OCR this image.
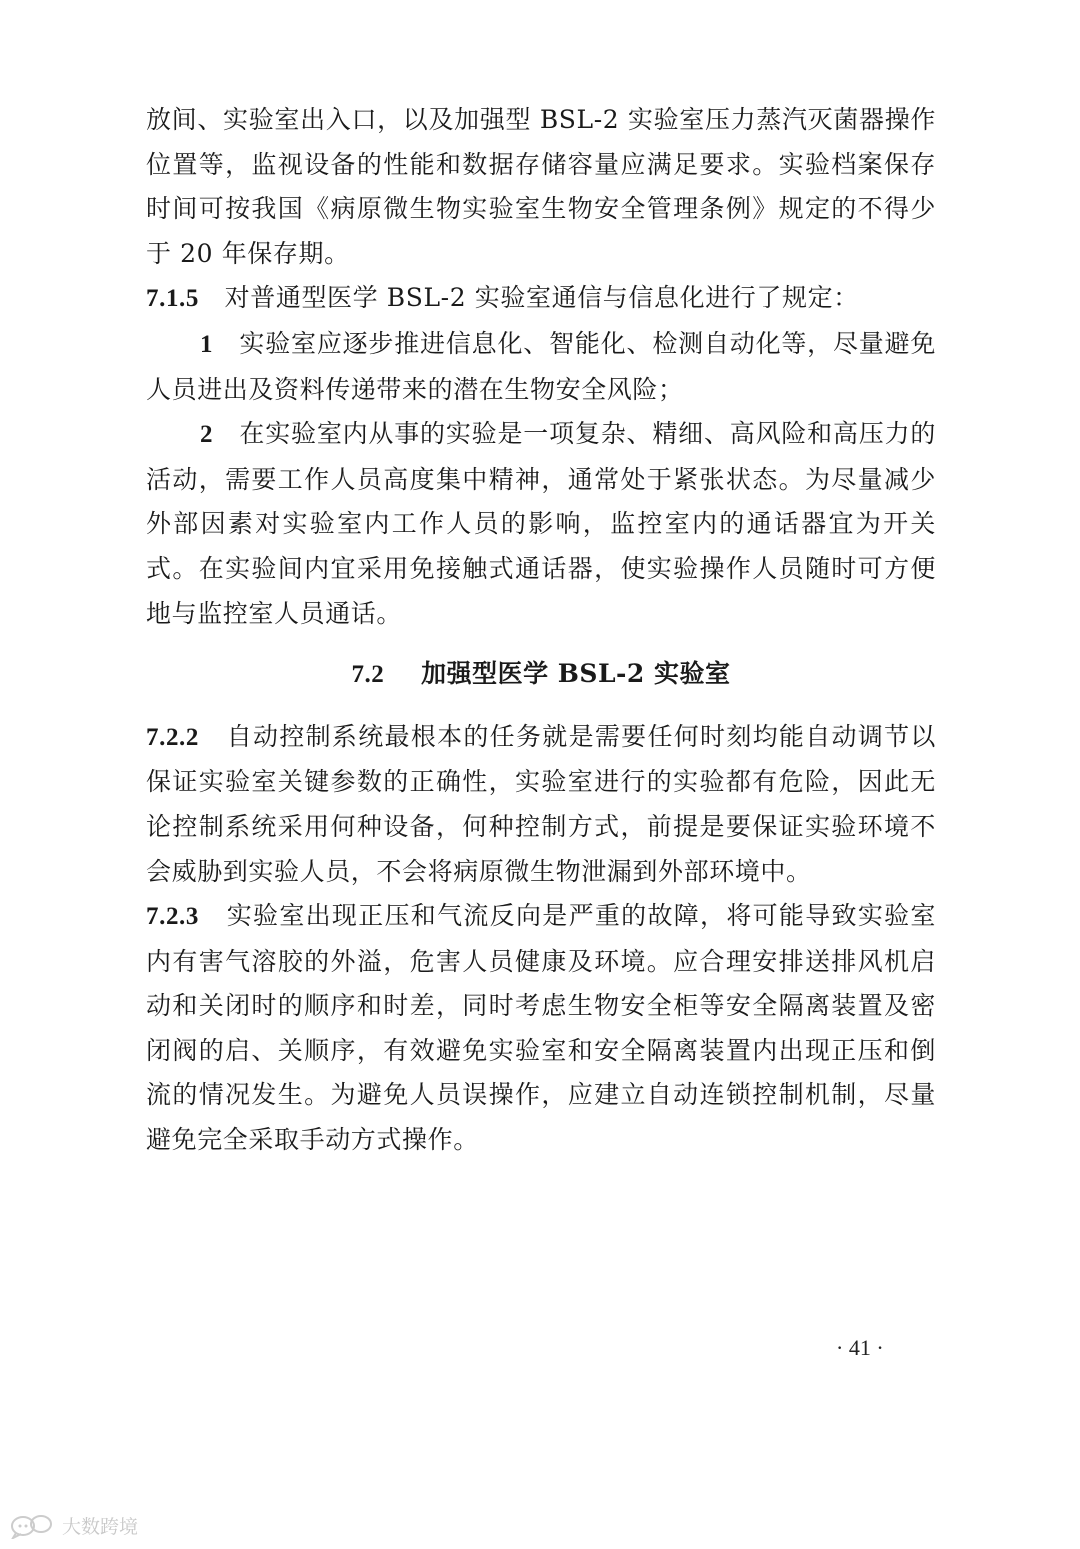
放间、实验室出入口，以及加强型 BSL-2 实验室压力蒸汽灭菌器操作位置等，监视设备的性能和数据存储容量应满足要求。实验档案保存时间可按我国《病原微生物实验室生物安全管理条例》规定的不得少于 20 年保存期。

7.1.5 对普通型医学 BSL-2 实验室通信与信息化进行了规定：

1 实验室应逐步推进信息化、智能化、检测自动化等，尽量避免人员进出及资料传递带来的潜在生物安全风险；

2 在实验室内从事的实验是一项复杂、精细、高风险和高压力的活动，需要工作人员高度集中精神，通常处于紧张状态。为尽量减少外部因素对实验室内工作人员的影响，监控室内的通话器宜为开关式。在实验间内宜采用免接触式通话器，使实验操作人员随时可方便地与监控室人员通话。

7.2 加强型医学 BSL-2 实验室

7.2.2 自动控制系统最根本的任务就是需要任何时刻均能自动调节以保证实验室关键参数的正确性，实验室进行的实验都有危险，因此无论控制系统采用何种设备，何种控制方式，前提是要保证实验环境不会威胁到实验人员，不会将病原微生物泄漏到外部环境中。

7.2.3 实验室出现正压和气流反向是严重的故障，将可能导致实验室内有害气溶胶的外溢，危害人员健康及环境。应合理安排送排风机启动和关闭时的顺序和时差，同时考虑生物安全柜等安全隔离装置及密闭阀的启、关顺序，有效避免实验室和安全隔离装置内出现正压和倒流的情况发生。为避免人员误操作，应建立自动连锁控制机制，尽量避免完全采取手动方式操作。

· 41 ·
大数跨境
